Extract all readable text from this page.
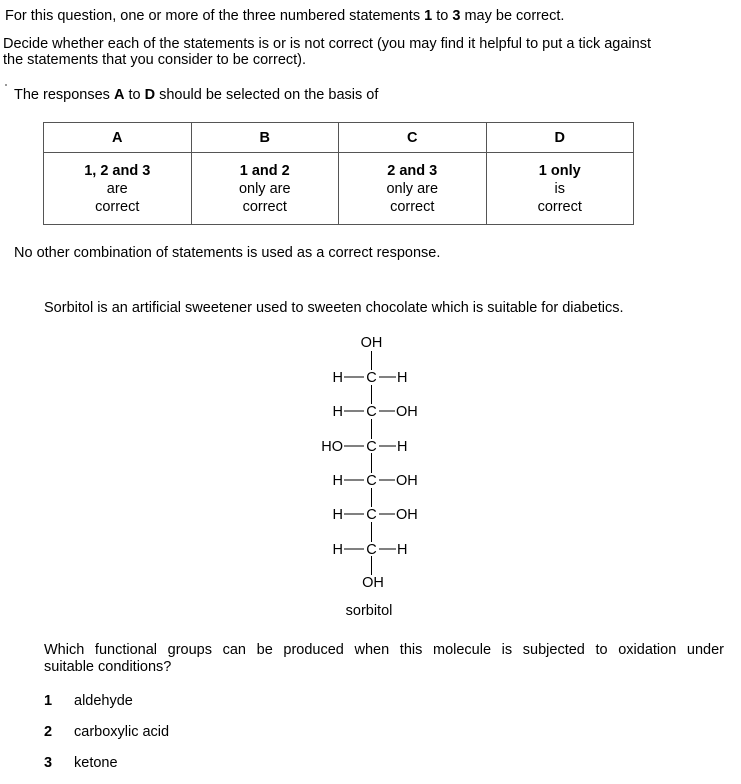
For this question, one or more of the three numbered statements 1 to 3 may be correct.
Decide whether each of the statements is or is not correct (you may find it helpful to put a tick against
the statements that you consider to be correct).
The responses A to D should be selected on the basis of
A	B	C	D
1, 2 and 3
are
correct	1 and 2
only are
correct	2 and 3
only are
correct	1 only
is
correct
No other combination of statements is used as a correct response.
Sorbitol is an artificial sweetener used to sweeten chocolate which is suitable for diabetics.
OH
C
H	H
C
H	OH
C
HO	H
C
H	OH
C
H	OH
C
H	H
OH
sorbitol
Which functional groups can be produced when this molecule is subjected to oxidation under
suitable conditions?
1 aldehyde
2 carboxylic acid
3 ketone
